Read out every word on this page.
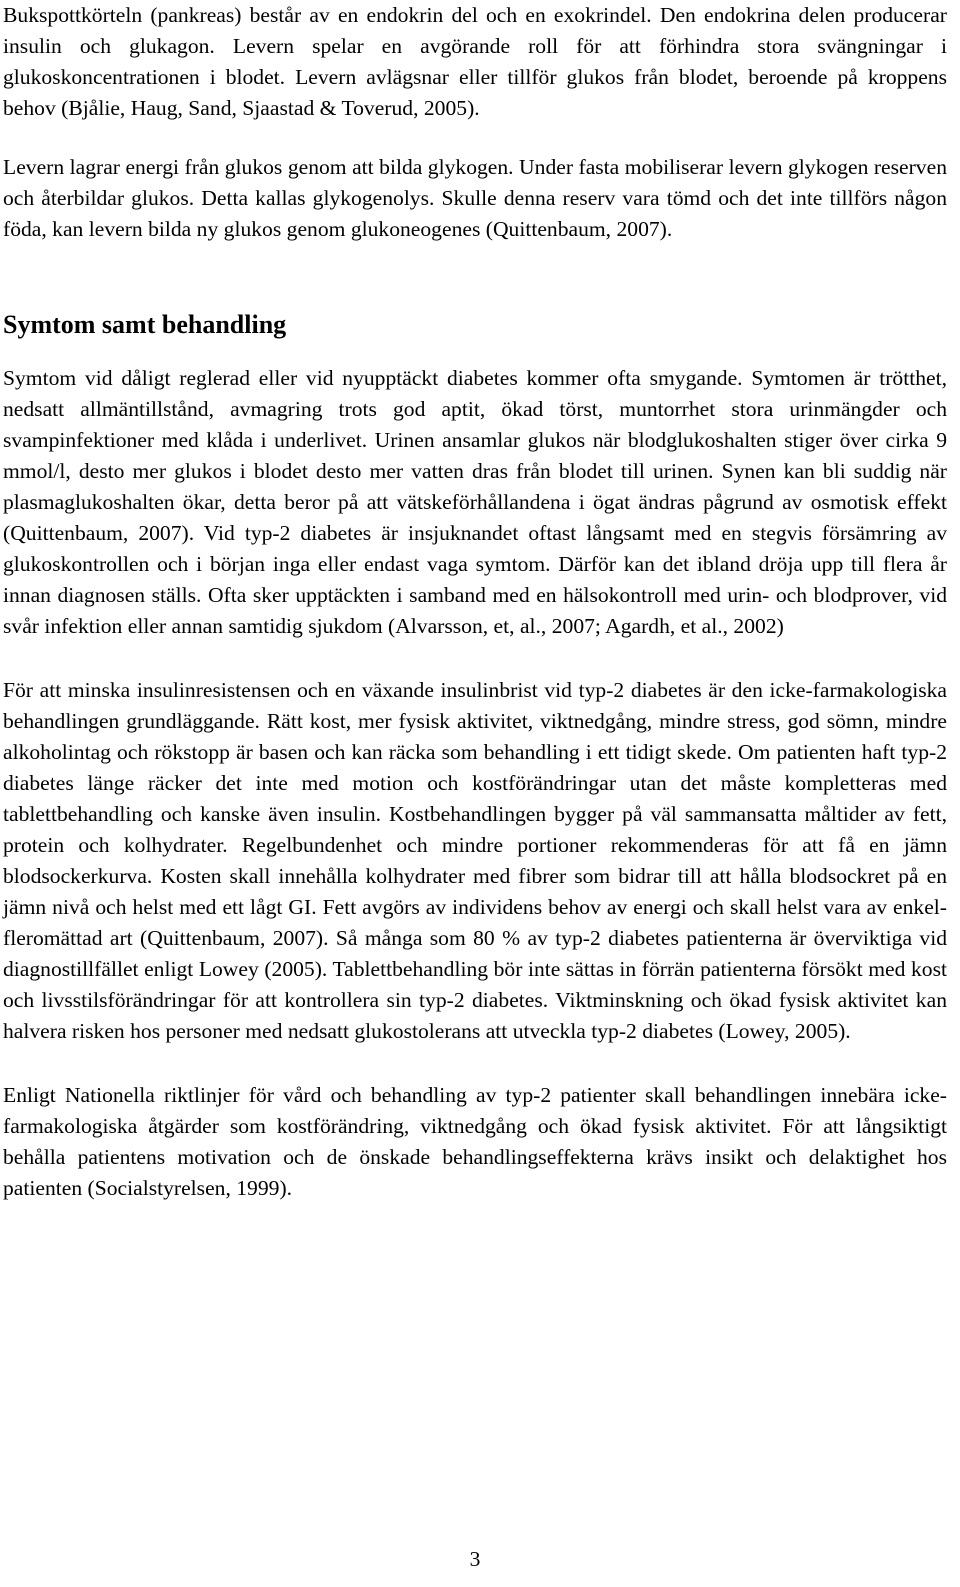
Bukspottkörteln (pankreas) består av en endokrin del och en exokrindel. Den endokrina delen producerar insulin och glukagon. Levern spelar en avgörande roll för att förhindra stora svängningar i glukoskoncentrationen i blodet. Levern avlägsnar eller tillför glukos från blodet, beroende på kroppens behov (Bjålie, Haug, Sand, Sjaastad & Toverud, 2005).

Levern lagrar energi från glukos genom att bilda glykogen. Under fasta mobiliserar levern glykogen reserven och återbildar glukos. Detta kallas glykogenolys. Skulle denna reserv vara tömd och det inte tillförs någon föda, kan levern bilda ny glukos genom glukoneogenes (Quittenbaum, 2007).

Symtom samt behandling

Symtom vid dåligt reglerad eller vid nyupptäckt diabetes kommer ofta smygande. Symtomen är trötthet, nedsatt allmäntillstånd, avmagring trots god aptit, ökad törst, muntorrhet stora urinmängder och svampinfektioner med klåda i underlivet. Urinen ansamlar glukos när blodglukoshalten stiger över cirka 9 mmol/l, desto mer glukos i blodet desto mer vatten dras från blodet till urinen. Synen kan bli suddig när plasmaglukoshalten ökar, detta beror på att vätskeförhållandena i ögat ändras pågrund av osmotisk effekt (Quittenbaum, 2007). Vid typ-2 diabetes är insjuknandet oftast långsamt med en stegvis försämring av glukoskontrollen och i början inga eller endast vaga symtom. Därför kan det ibland dröja upp till flera år innan diagnosen ställs. Ofta sker upptäckten i samband med en hälsokontroll med urin- och blodprover, vid svår infektion eller annan samtidig sjukdom (Alvarsson, et, al., 2007; Agardh, et al., 2002)

För att minska insulinresistensen och en växande insulinbrist vid typ-2 diabetes är den icke-farmakologiska behandlingen grundläggande. Rätt kost, mer fysisk aktivitet, viktnedgång, mindre stress, god sömn, mindre alkoholintag och rökstopp är basen och kan räcka som behandling i ett tidigt skede. Om patienten haft typ-2 diabetes länge räcker det inte med motion och kostförändringar utan det måste kompletteras med tablettbehandling och kanske även insulin. Kostbehandlingen bygger på väl sammansatta måltider av fett, protein och kolhydrater. Regelbundenhet och mindre portioner rekommenderas för att få en jämn blodsockerkurva. Kosten skall innehålla kolhydrater med fibrer som bidrar till att hålla blodsockret på en jämn nivå och helst med ett lågt GI. Fett avgörs av individens behov av energi och skall helst vara av enkel-fleromättad art (Quittenbaum, 2007). Så många som 80 % av typ-2 diabetes patienterna är överviktiga vid diagnostillfället enligt Lowey (2005). Tablettbehandling bör inte sättas in förrän patienterna försökt med kost och livsstilsförändringar för att kontrollera sin typ-2 diabetes. Viktminskning och ökad fysisk aktivitet kan halvera risken hos personer med nedsatt glukostolerans att utveckla typ-2 diabetes (Lowey, 2005).

Enligt Nationella riktlinjer för vård och behandling av typ-2 patienter skall behandlingen innebära icke-farmakologiska åtgärder som kostförändring, viktnedgång och ökad fysisk aktivitet. För att långsiktigt behålla patientens motivation och de önskade behandlingseffekterna krävs insikt och delaktighet hos patienten (Socialstyrelsen, 1999).

3
